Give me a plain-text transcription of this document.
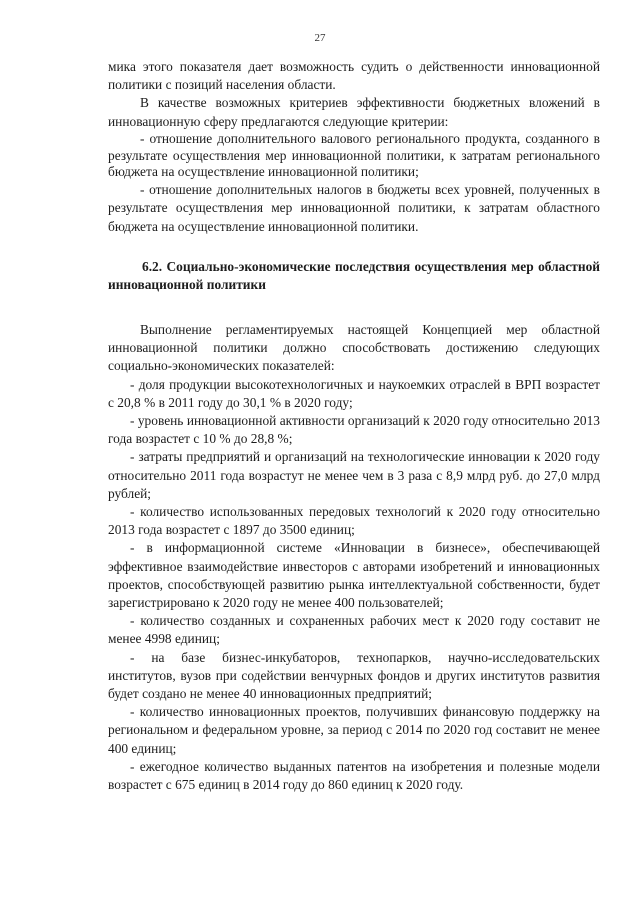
27

мика этого показателя дает возможность судить о действенности инновационной политики с позиций населения области.

В качестве возможных критериев эффективности бюджетных вложений в инновационную сферу предлагаются следующие критерии:

- отношение дополнительного валового регионального продукта, созданного в результате осуществления мер инновационной политики, к затратам регионального бюджета на осуществление инновационной политики;

- отношение дополнительных налогов в бюджеты всех уровней, полученных в результате осуществления мер инновационной политики, к затратам областного бюджета на осуществление инновационной политики.

6.2. Социально-экономические последствия осуществления мер областной инновационной политики

Выполнение регламентируемых настоящей Концепцией мер областной инновационной политики должно способствовать достижению следующих социально-экономических показателей:

- доля продукции высокотехнологичных и наукоемких отраслей в ВРП возрастет с 20,8 % в 2011 году до 30,1 % в 2020 году;

- уровень инновационной активности организаций к 2020 году относительно 2013 года возрастет с 10 % до 28,8 %;

- затраты предприятий и организаций на технологические инновации к 2020 году относительно 2011 года возрастут не менее чем в 3 раза с 8,9 млрд руб. до 27,0 млрд рублей;

- количество использованных передовых технологий к 2020 году относительно 2013 года возрастет с 1897 до 3500 единиц;

- в информационной системе «Инновации в бизнесе», обеспечивающей эффективное взаимодействие инвесторов с авторами изобретений и инновационных проектов, способствующей развитию рынка интеллектуальной собственности, будет зарегистрировано к 2020 году не менее 400 пользователей;

- количество созданных и сохраненных рабочих мест к 2020 году составит не менее 4998 единиц;

- на базе бизнес-инкубаторов, технопарков, научно-исследовательских институтов, вузов при содействии венчурных фондов и других институтов развития будет создано не менее 40 инновационных предприятий;

- количество инновационных проектов, получивших финансовую поддержку на региональном и федеральном уровне, за период с 2014 по 2020 год составит не менее 400 единиц;

- ежегодное количество выданных патентов на изобретения и полезные модели возрастет с 675 единиц в 2014 году до 860 единиц к 2020 году.
